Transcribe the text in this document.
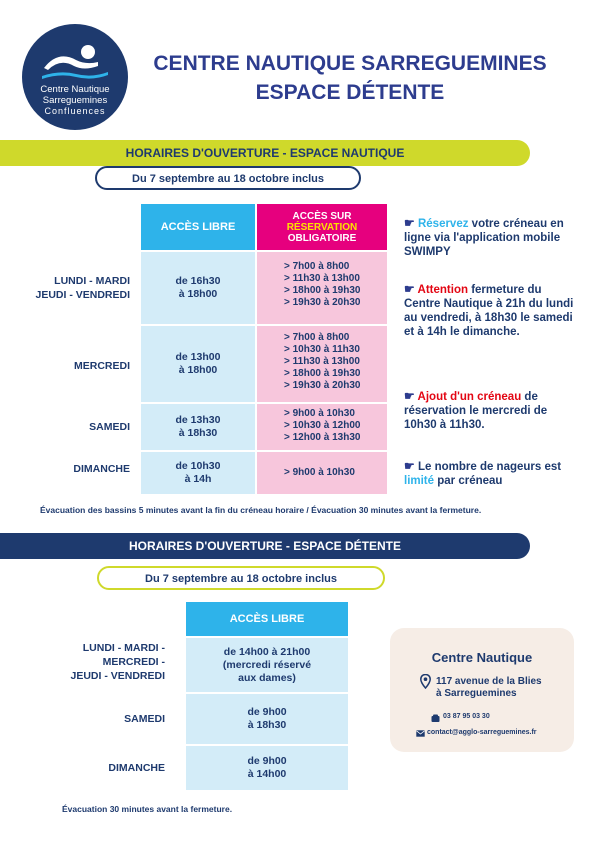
Centre Nautique
Sarreguemines
Confluences
CENTRE NAUTIQUE SARREGUEMINES
ESPACE DÉTENTE
HORAIRES D'OUVERTURE - ESPACE NAUTIQUE
Du 7 septembre au 18 octobre inclus
ACCÈS LIBRE
ACCÈS SUR
RÉSERVATION
OBLIGATOIRE
LUNDI - MARDI
JEUDI - VENDREDI
de 16h30
à 18h00
> 7h00 à 8h00
> 11h30 à 13h00
> 18h00 à 19h30
> 19h30 à 20h30
MERCREDI
de 13h00
à 18h00
> 7h00 à 8h00
> 10h30 à 11h30
> 11h30 à 13h00
> 18h00 à 19h30
> 19h30 à 20h30
SAMEDI
de 13h30
à 18h30
> 9h00 à 10h30
> 10h30 à 12h00
> 12h00 à 13h30
DIMANCHE	de 10h30
à 14h
> 9h00 à 10h30
☛ Réservez votre créneau en ligne via l'application mobile SWIMPY
☛ Attention fermeture du Centre Nautique à 21h du lundi au vendredi, à 18h30 le samedi et à 14h le dimanche.
☛ Ajout d'un créneau de réservation le mercredi de 10h30 à 11h30.
☛ Le nombre de nageurs est limité par créneau
Évacuation des bassins 5 minutes avant la fin du créneau horaire / Évacuation 30 minutes avant la fermeture.
HORAIRES D'OUVERTURE - ESPACE DÉTENTE
Du 7 septembre au 18 octobre inclus
ACCÈS LIBRE
LUNDI - MARDI -
MERCREDI -
JEUDI - VENDREDI
de 14h00 à 21h00
(mercredi réservé
aux dames)
SAMEDI
de 9h00
à 18h30
DIMANCHE
de 9h00
à 14h00
Évacuation 30 minutes avant la fermeture.
Centre Nautique
117 avenue de la Blies
à Sarreguemines
03 87 95 03 30
contact@agglo-sarreguemines.fr
